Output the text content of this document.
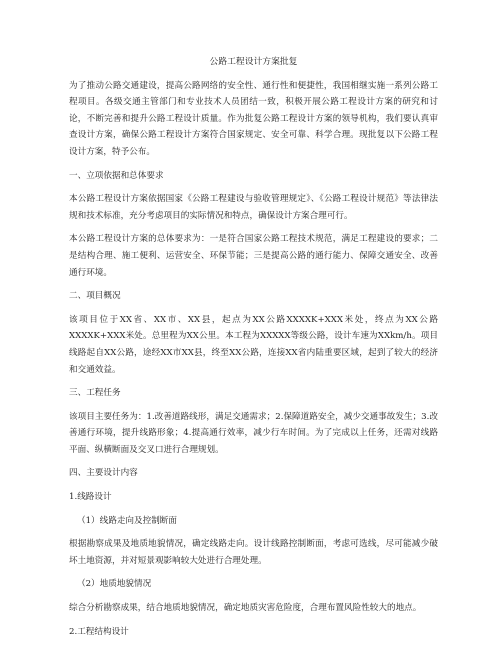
公路工程设计方案批复

为了推动公路交通建设，提高公路网络的安全性、通行性和便捷性，我国相继实施一系列公路工程项目。各级交通主管部门和专业技术人员团结一致，积极开展公路工程设计方案的研究和讨论，不断完善和提升公路工程设计质量。作为批复公路工程设计方案的领导机构，我们要认真审查设计方案，确保公路工程设计方案符合国家规定、安全可靠、科学合理。现批复以下公路工程设计方案，特予公布。

一、立项依据和总体要求

本公路工程设计方案依据国家《公路工程建设与验收管理规定》、《公路工程设计规范》等法律法规和技术标准，充分考虑项目的实际情况和特点，确保设计方案合理可行。

本公路工程设计方案的总体要求为：一是符合国家公路工程技术规范，满足工程建设的要求；二是结构合理、施工便利、运营安全、环保节能；三是提高公路的通行能力、保障交通安全、改善通行环境。

二、项目概况

该项目位于XX省、XX市、XX县，起点为XX公路XXXXK+XXX米处，终点为XX公路XXXXK+XXX米处。总里程为XX公里。本工程为XXXXX等级公路，设计车速为XXkm/h。项目线路起自XX公路，途经XX市XX县，终至XX公路，连接XX省内陆重要区域，起到了较大的经济和交通效益。

三、工程任务

该项目主要任务为：1.改善道路线形，满足交通需求；2.保障道路安全，减少交通事故发生；3.改善通行环境，提升线路形象；4.提高通行效率，减少行车时间。为了完成以上任务，还需对线路平面、纵横断面及交叉口进行合理规划。

四、主要设计内容
1.线路设计
（1）线路走向及控制断面

根据勘察成果及地质地貌情况，确定线路走向。设计线路控制断面，考虑可选线，尽可能减少破坏土地资源，并对短景观影响较大处进行合理处理。

（2）地质地貌情况

综合分析勘察成果，结合地质地貌情况，确定地质灾害危险度，合理布置风险性较大的地点。

2.工程结构设计
